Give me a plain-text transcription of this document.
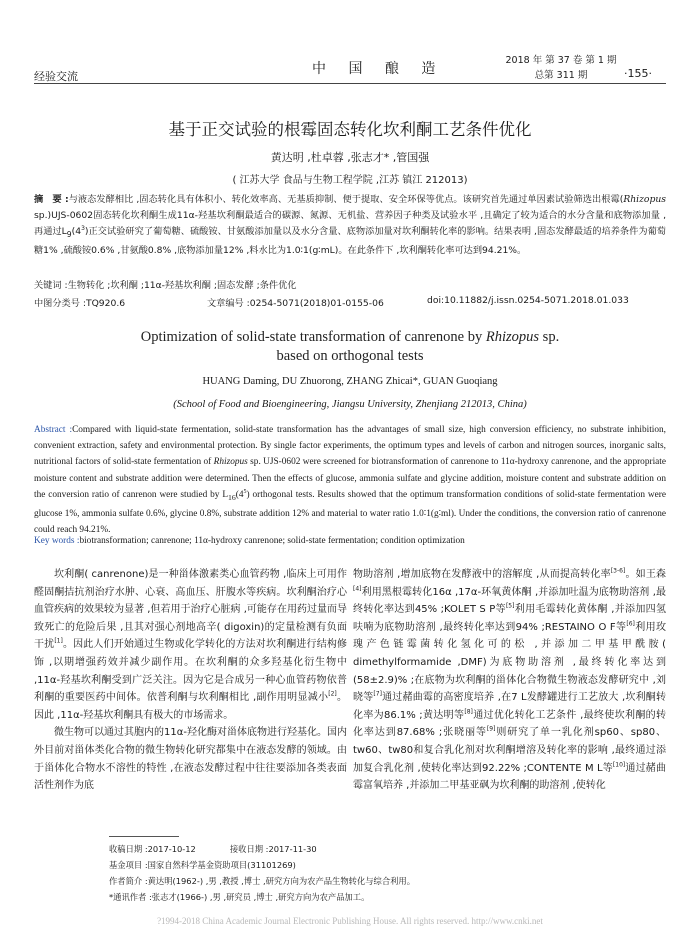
中 国 酿 造
2018 年 第 37 卷 第 1 期
总第 311 期
经验交流	·155·
基于正交试验的根霉固态转化坎利酮工艺条件优化
黄达明 ,杜卓蓉 ,张志才* ,管国强
( 江苏大学 食品与生物工程学院 ,江苏 镇江 212013)
摘　要 :与液态发酵相比 ,固态转化具有体积小、转化效率高、无基质抑制、便于提取、安全环保等优点。该研究首先通过单因素试验筛选出根霉(Rhizopus sp.)UJS-0602固态转化坎利酮生成11α-羟基坎利酮最适合的碳源、氮源、无机盐、营养因子种类及试验水平 ,且确定了较为适合的水分含量和底物添加量 ,再通过$L_9(4^3)$正交试验研究了葡萄糖、硫酸铵、甘氨酸添加量以及水分含量、底物添加量对坎利酮转化率的影响。结果表明 ,固态发酵最适的培养条件为葡萄糖1% ,硫酸铵0.6% ,甘氨酸0.8% ,底物添加量12% ,料水比为1.0∶1(g∶mL)。在此条件下 ,坎利酮转化率可达到94.21%。
关键词 :生物转化 ;坎利酮 ;11α-羟基坎利酮 ;固态发酵 ;条件优化
中图分类号 :TQ920.6	文章编号 :0254-5071(2018)01-0155-06	doi:10.11882/j.issn.0254-5071.2018.01.033
Optimization of solid-state transformation of canrenone by Rhizopus sp.
based on orthogonal tests
HUANG Daming, DU Zhuorong, ZHANG Zhicai*, GUAN Guoqiang
(School of Food and Bioengineering, Jiangsu University, Zhenjiang 212013, China)
Abstract :Compared with liquid-state fermentation, solid-state transformation has the advantages of small size, high conversion efficiency, no substrate inhibition, convenient extraction, safety and environmental protection. By single factor experiments, the optimum types and levels of carbon and nitrogen sources, inorganic salts, nutritional factors of solid-state fermentation of Rhizopus sp. UJS-0602 were screened for biotransformation of canrenone to 11α-hydroxy canrenone, and the appropriate moisture content and substrate addition were determined. Then the effects of glucose, ammonia sulfate and glycine addition, moisture content and substrate addition on the conversion ratio of canrenon were studied by $L_{16}(4^5)$ orthogonal tests. Results showed that the optimum transformation conditions of solid-state fermentation were glucose 1%, ammonia sulfate 0.6%, glycine 0.8%, substrate addition 12% and material to water ratio 1.0∶1(g∶ml). Under the conditions, the conversion ratio of canrenone could reach 94.21%.
Key words :biotransformation; canrenone; 11α-hydroxy canrenone; solid-state fermentation; condition optimization

坎利酮( canrenone)是一种甾体激素类心血管药物 ,临床上可用作醛固酮拮抗剂治疗水肿、心衰、高血压、肝腹水等疾病。坎利酮治疗心血管疾病的效果较为显著 ,但若用于治疗心脏病 ,可能存在用药过量而导致死亡的危险后果 ,且其对强心剂地高辛( digoxin)的定量检测有负面干扰[1]。因此人们开始通过生物或化学转化的方法对坎利酮进行结构修饰 ,以期增强药效并减少副作用。在坎利酮的众多羟基化衍生物中 ,11α-羟基坎利酮受到广泛关注。因为它是合成另一种心血管药物依普利酮的重要医药中间体。依普利酮与坎利酮相比 ,副作用明显减小[2]。因此 ,11α-羟基坎利酮具有极大的市场需求。

微生物可以通过其胞内的11α-羟化酶对甾体底物进行羟基化。国内外目前对甾体类化合物的微生物转化研究都集中在液态发酵的领域。由于甾体化合物水不溶性的特性 ,在液态发酵过程中往往要添加各类表面活性剂作为底

物助溶剂 ,增加底物在发酵液中的溶解度 ,从而提高转化率[3-6]。如王森[4]利用黑根霉转化16α ,17α-环氧黄体酮 ,并添加吐温为底物助溶剂 ,最终转化率达到45% ;KOLET S P等[5]利用毛霉转化黄体酮 ,并添加四氢呋喃为底物助溶剂 ,最终转化率达到94% ;RESTAINO O F等[6]利用玫瑰产色链霉菌转化氢化可的松 ,并添加二甲基甲酰胺( dimethylformamide ,DMF)为底物助溶剂 ,最终转化率达到(58±2.9)% ;在底物为坎利酮的甾体化合物微生物液态发酵研究中 ,刘晓等[7]通过赭曲霉的高密度培养 ,在7 L发酵罐进行工艺放大 ,坎利酮转化率为86.1% ;黄达明等[8]通过优化转化工艺条件 ,最终使坎利酮的转化率达到87.68% ;张晓丽等[9]则研究了单一乳化剂sp60、sp80、tw60、tw80和复合乳化剂对坎利酮增溶及转化率的影响 ,最终通过添加复合乳化剂 ,使转化率达到92.22% ;CONTENTE M L等[10]通过赭曲霉富氧培养 ,并添加二甲基亚砜为坎利酮的助溶剂 ,使转化

收稿日期 :2017-10-12	接收日期 :2017-11-30
基金项目 :国家自然科学基金资助项目(31101269)
作者简介 :黄达明(1962-) ,男 ,教授 ,博士 ,研究方向为农产品生物转化与综合利用。
*通讯作者 :张志才(1966-) ,男 ,研究员 ,博士 ,研究方向为农产品加工。
?1994-2018 China Academic Journal Electronic Publishing House. All rights reserved. http://www.cnki.net
